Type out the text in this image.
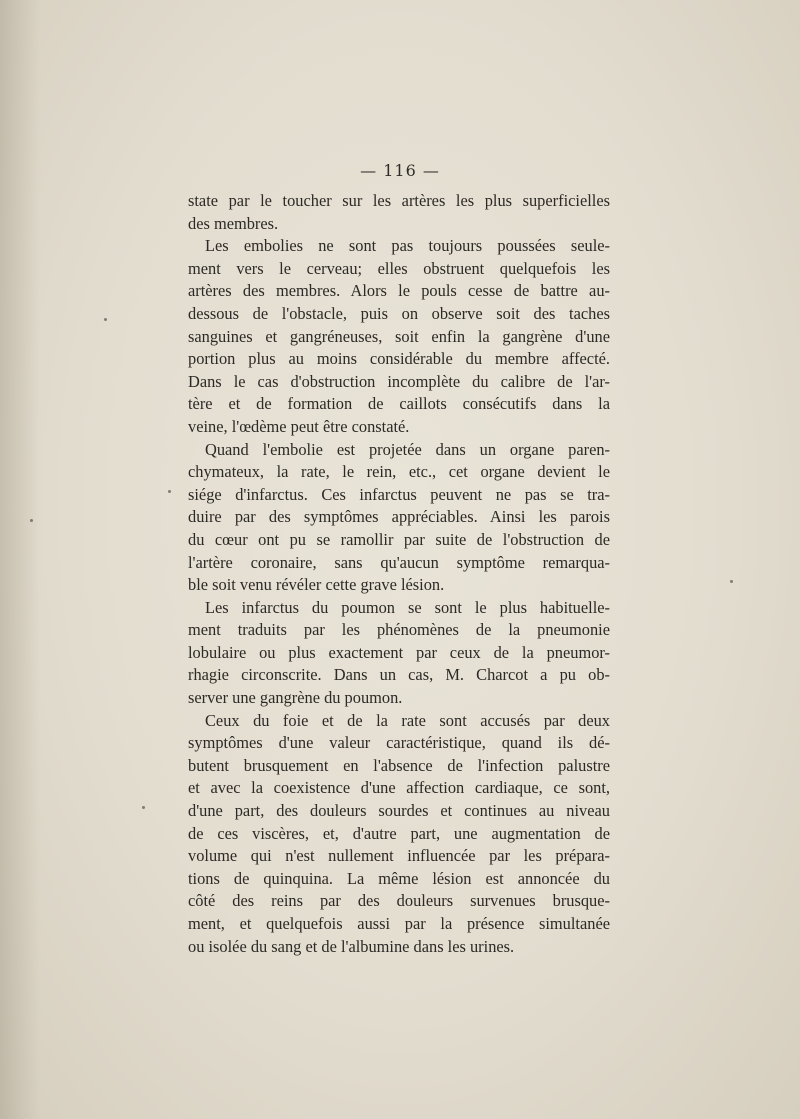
— 116 —
state par le toucher sur les artères les plus superficielles
des membres.
Les embolies ne sont pas toujours poussées seule-
ment vers le cerveau; elles obstruent quelquefois les
artères des membres. Alors le pouls cesse de battre au-
dessous de l'obstacle, puis on observe soit des taches
sanguines et gangréneuses, soit enfin la gangrène d'une
portion plus au moins considérable du membre affecté.
Dans le cas d'obstruction incomplète du calibre de l'ar-
tère et de formation de caillots consécutifs dans la
veine, l'œdème peut être constaté.
Quand l'embolie est projetée dans un organe paren-
chymateux, la rate, le rein, etc., cet organe devient le
siége d'infarctus. Ces infarctus peuvent ne pas se tra-
duire par des symptômes appréciables. Ainsi les parois
du cœur ont pu se ramollir par suite de l'obstruction de
l'artère coronaire, sans qu'aucun symptôme remarqua-
ble soit venu révéler cette grave lésion.
Les infarctus du poumon se sont le plus habituelle-
ment traduits par les phénomènes de la pneumonie
lobulaire ou plus exactement par ceux de la pneumor-
rhagie circonscrite. Dans un cas, M. Charcot a pu ob-
server une gangrène du poumon.
Ceux du foie et de la rate sont accusés par deux
symptômes d'une valeur caractéristique, quand ils dé-
butent brusquement en l'absence de l'infection palustre
et avec la coexistence d'une affection cardiaque, ce sont,
d'une part, des douleurs sourdes et continues au niveau
de ces viscères, et, d'autre part, une augmentation de
volume qui n'est nullement influencée par les prépara-
tions de quinquina. La même lésion est annoncée du
côté des reins par des douleurs survenues brusque-
ment, et quelquefois aussi par la présence simultanée
ou isolée du sang et de l'albumine dans les urines.
